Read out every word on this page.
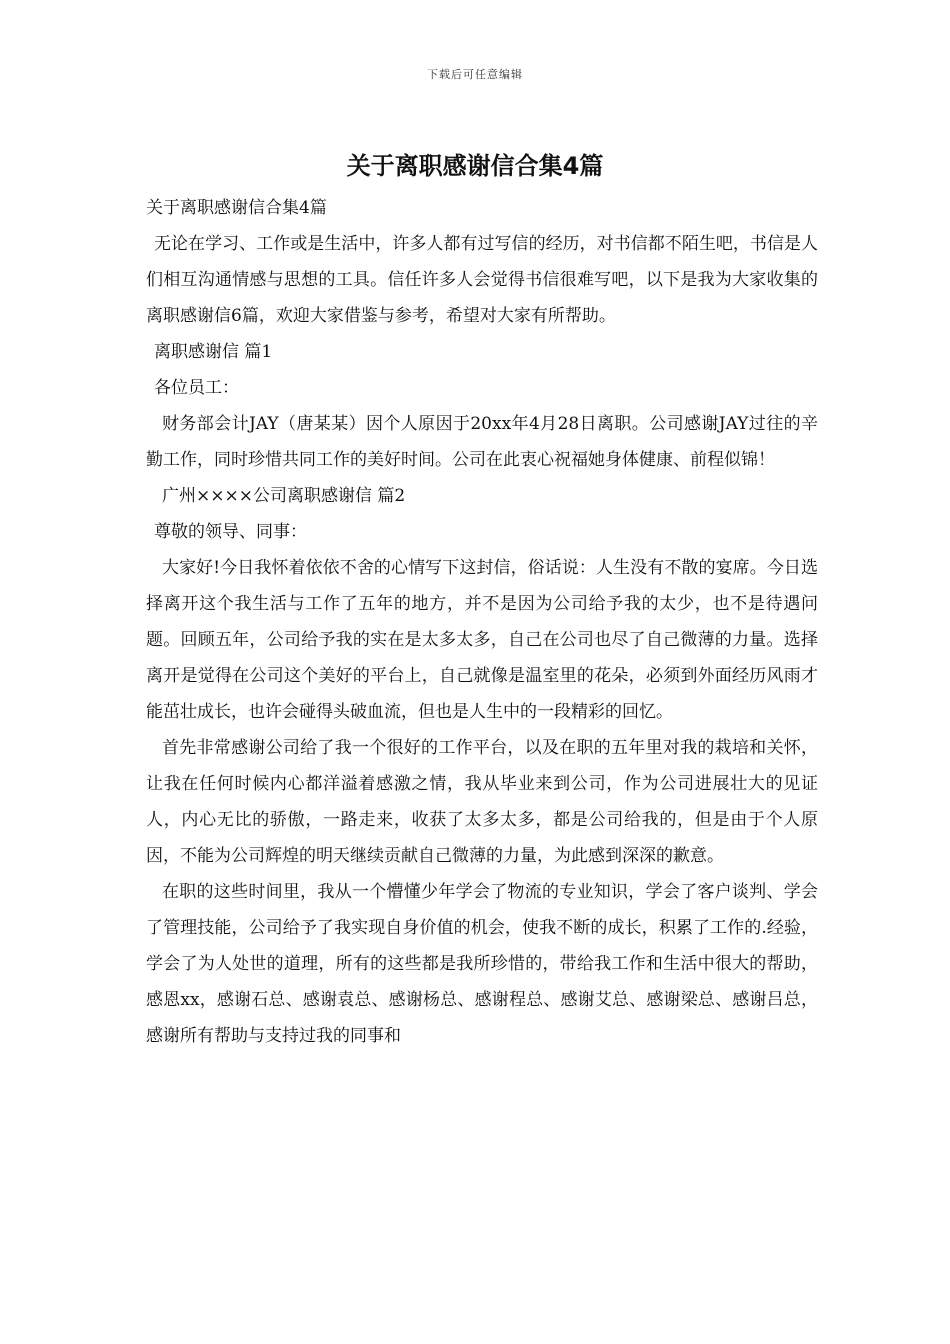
下载后可任意编辑
关于离职感谢信合集4篇

关于离职感谢信合集4篇

无论在学习、工作或是生活中，许多人都有过写信的经历，对书信都不陌生吧，书信是人们相互沟通情感与思想的工具。信任许多人会觉得书信很难写吧，以下是我为大家收集的离职感谢信6篇，欢迎大家借鉴与参考，希望对大家有所帮助。

离职感谢信 篇1

各位员工：

财务部会计JAY（唐某某）因个人原因于20xx年4月28日离职。公司感谢JAY过往的辛勤工作，同时珍惜共同工作的美好时间。公司在此衷心祝福她身体健康、前程似锦！

广州××××公司离职感谢信 篇2

尊敬的领导、同事：

大家好!今日我怀着依依不舍的心情写下这封信，俗话说：人生没有不散的宴席。今日选择离开这个我生活与工作了五年的地方，并不是因为公司给予我的太少，也不是待遇问题。回顾五年，公司给予我的实在是太多太多，自己在公司也尽了自己微薄的力量。选择离开是觉得在公司这个美好的平台上，自己就像是温室里的花朵，必须到外面经历风雨才能茁壮成长，也许会碰得头破血流，但也是人生中的一段精彩的回忆。

首先非常感谢公司给了我一个很好的工作平台，以及在职的五年里对我的栽培和关怀，让我在任何时候内心都洋溢着感激之情，我从毕业来到公司，作为公司进展壮大的见证人，内心无比的骄傲，一路走来，收获了太多太多，都是公司给我的，但是由于个人原因，不能为公司辉煌的明天继续贡献自己微薄的力量，为此感到深深的歉意。

在职的这些时间里，我从一个懵懂少年学会了物流的专业知识，学会了客户谈判、学会了管理技能，公司给予了我实现自身价值的机会，使我不断的成长，积累了工作的.经验，学会了为人处世的道理，所有的这些都是我所珍惜的，带给我工作和生活中很大的帮助，感恩xx，感谢石总、感谢袁总、感谢杨总、感谢程总、感谢艾总、感谢梁总、感谢吕总，感谢所有帮助与支持过我的同事和
